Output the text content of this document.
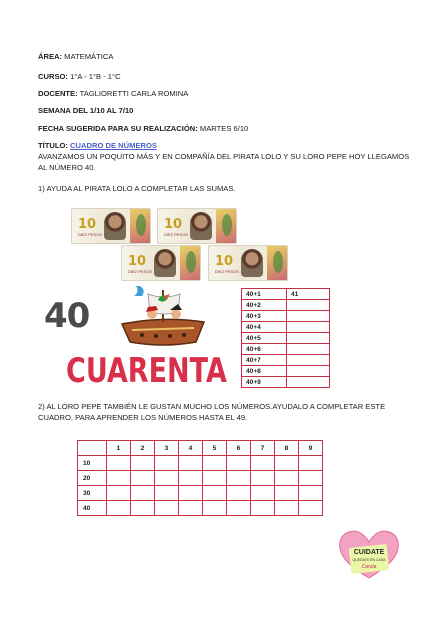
ÁREA: MATEMÁTICA
CURSO: 1°A - 1°B - 1°C
DOCENTE: TAGLIORETTI CARLA ROMINA
SEMANA DEL 1/10 AL 7/10
FECHA SUGERIDA PARA SU REALIZACIÓN: MARTES 6/10
TÍTULO: CUADRO DE NÚMEROS
AVANZAMOS UN POQUITO MÁS Y EN COMPAÑÍA DEL PIRATA LOLO Y SU LORO PEPE HOY LLEGAMOS AL NÚMERO 40.
1) AYUDA AL PIRATA LOLO A COMPLETAR LAS SUMAS.
10
DIEZ PESOS
10
DIEZ PESOS
10
DIEZ PESOS
10
DIEZ PESOS
40
CUARENTA
40+1	41
40+2	
40+3	
40+4	
40+5	
40+6	
40+7	
40+8	
40+9	
2) AL LORO PEPE TAMBIÉN LE GUSTAN MUCHO LOS NÚMEROS.AYUDALO A COMPLETAR ESTE CUADRO, PARA APRENDER LOS NÚMEROS HASTA EL 49.
	1	2	3	4	5	6	7	8	9
10									
20									
30									
40									
CUIDATE
QUEDATE EN CASA
Carola
